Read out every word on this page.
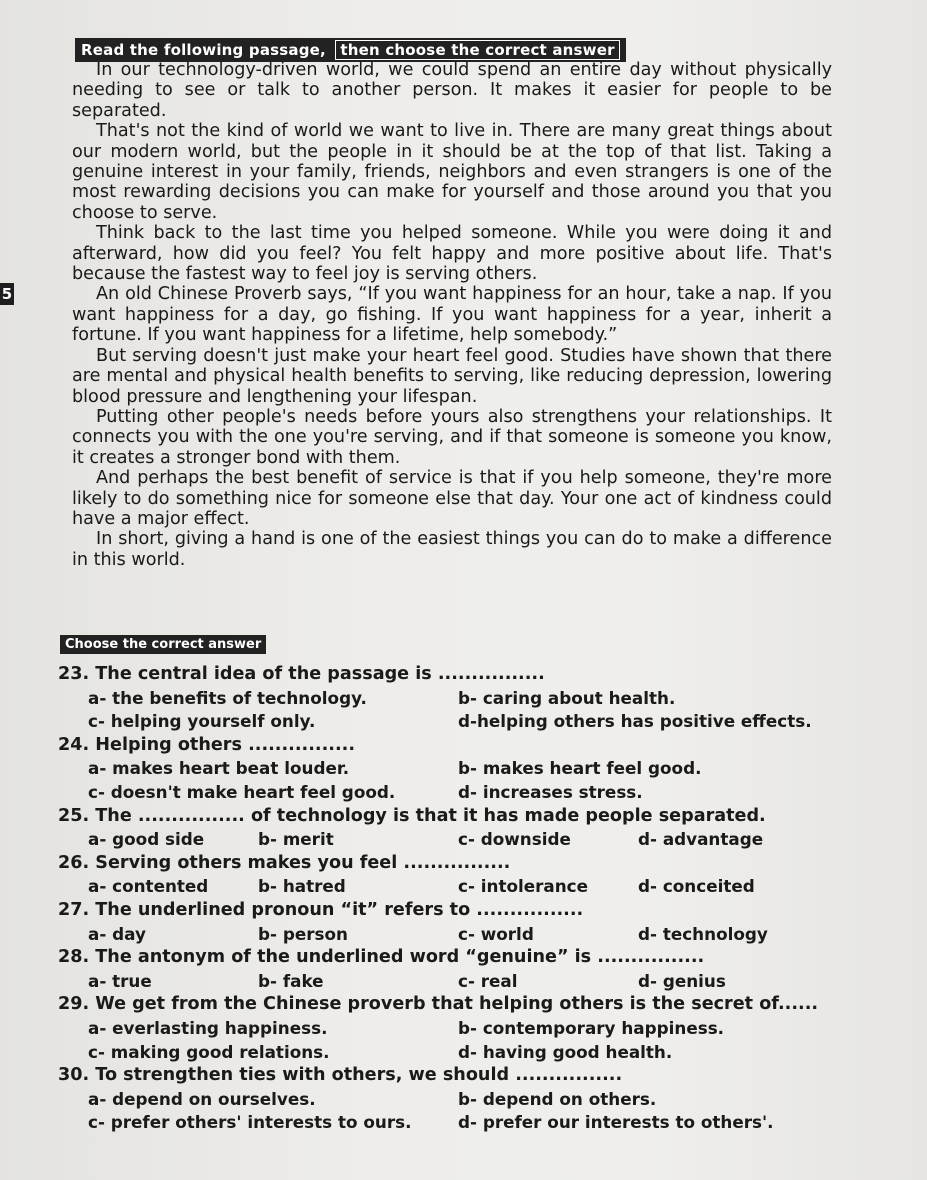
Read the following passage, then choose the correct answer
5

In our technology-driven world, we could spend an entire day without physically needing to see or talk to another person. It makes it easier for people to be separated.

That's not the kind of world we want to live in. There are many great things about our modern world, but the people in it should be at the top of that list. Taking a genuine interest in your family, friends, neighbors and even strangers is one of the most rewarding decisions you can make for yourself and those around you that you choose to serve.

Think back to the last time you helped someone. While you were doing it and afterward, how did you feel? You felt happy and more positive about life. That's because the fastest way to feel joy is serving others.

An old Chinese Proverb says, “If you want happiness for an hour, take a nap. If you want happiness for a day, go fishing. If you want happiness for a year, inherit a fortune. If you want happiness for a lifetime, help somebody.”

But serving doesn't just make your heart feel good. Studies have shown that there are mental and physical health benefits to serving, like reducing depression, lowering blood pressure and lengthening your lifespan.

Putting other people's needs before yours also strengthens your relationships. It connects you with the one you're serving, and if that someone is someone you know, it creates a stronger bond with them.

And perhaps the best benefit of service is that if you help someone, they're more likely to do something nice for someone else that day. Your one act of kindness could have a major effect.

In short, giving a hand is one of the easiest things you can do to make a difference in this world.

Choose the correct answer

23. The central idea of the passage is ................

a- the benefits of technology.	b- caring about health.
c- helping yourself only.	d-helping others has positive effects.

24. Helping others ................

a- makes heart beat louder.	b- makes heart feel good.
c- doesn't make heart feel good.	d- increases stress.

25. The ................ of technology is that it has made people separated.

a- good side	b- merit	c- downside	d- advantage

26. Serving others makes you feel ................

a- contented	b- hatred	c- intolerance	d- conceited

27. The underlined pronoun “it” refers to ................

a- day	b- person	c- world	d- technology

28. The antonym of the underlined word “genuine” is ................

a- true	b- fake	c- real	d- genius

29. We get from the Chinese proverb that helping others is the secret of......

a- everlasting happiness.	b- contemporary happiness.
c- making good relations.	d- having good health.

30. To strengthen ties with others, we should ................

a- depend on ourselves.	b- depend on others.
c- prefer others' interests to ours.	d- prefer our interests to others'.
